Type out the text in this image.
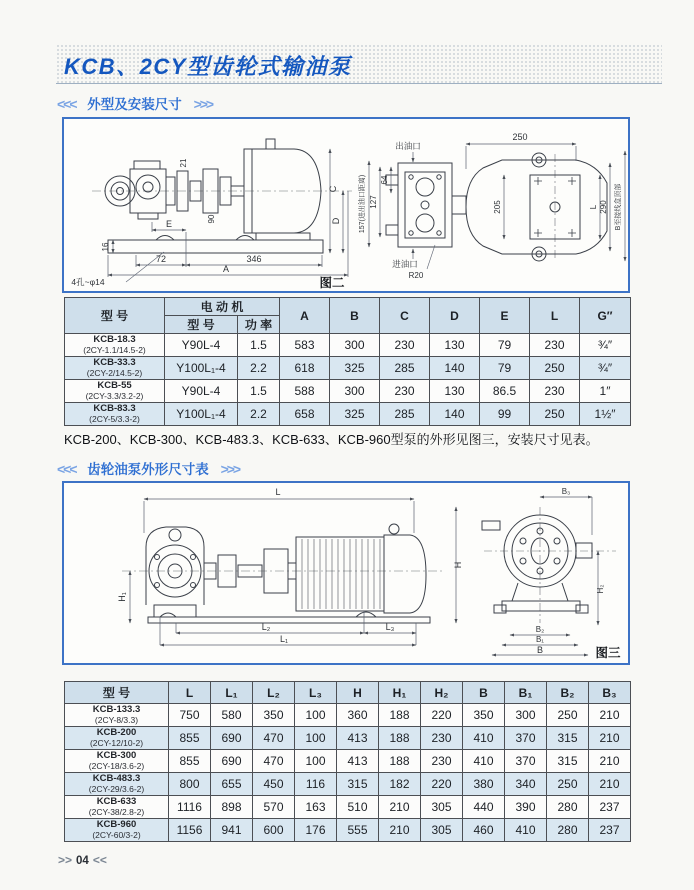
KCB、2CY型齿轮式输油泵
<<< 外型及安装尺寸 >>>
E
16
72	346
A
C
D
21
90
4孔~φ14
157(进出油口距离) 127
64
出油口
进油口
R20
250
205	L 290 B至接线盒顶部
图二
型 号	电 动 机		A	B	C	D	E	L	G″
	型 号	功 率							

KCB-18.3
(2CY-1.1/14.5-2)	Y90L-4	1.5	583	300	230	130	79	230	¾″

KCB-33.3
(2CY-2/14.5-2)	Y100L₁-4	2.2	618	325	285	140	79	250	¾″

KCB-55
(2CY-3.3/3.2-2)	Y90L-4	1.5	588	300	230	130	86.5	230	1″

KCB-83.3
(2CY-5/3.3-2)	Y100L₁-4	2.2	658	325	285	140	99	250	1½″

KCB-200、KCB-300、KCB-483.3、KCB-633、KCB-960型泵的外形见图三，安装尺寸见表。

<<< 齿轮油泵外形尺寸表 >>>
L
H
H₁
L₂	L₃
L₁
B₃
H₂
B₂
B₁
B	图三
型 号	L	L₁	L₂	L₃	H	H₁	H₂	B	B₁	B₂	B₃

KCB-133.3
(2CY-8/3.3)	750	580	350	100	360	188	220	350	300	250	210

KCB-200
(2CY-12/10-2)	855	690	470	100	413	188	230	410	370	315	210

KCB-300
(2CY-18/3.6-2)	855	690	470	100	413	188	230	410	370	315	210

KCB-483.3
(2CY-29/3.6-2)	800	655	450	116	315	182	220	380	340	250	210

KCB-633
(2CY-38/2.8-2)	1116	898	570	163	510	210	305	440	390	280	237

KCB-960
(2CY-60/3-2)	1156	941	600	176	555	210	305	460	410	280	237
>> 04 <<
